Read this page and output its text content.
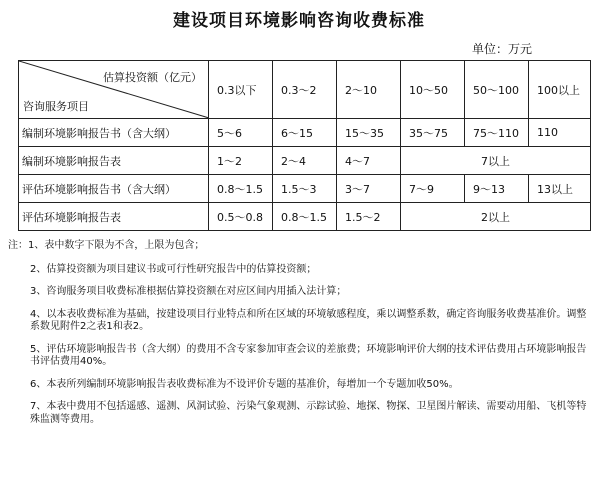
建设项目环境影响咨询收费标准
单位：万元
估算投资额（亿元）
咨询服务项目	0.3以下	0.3～2	2～10	10～50	50～100	100以上
编制环境影响报告书（含大纲）	5～6	6～15	15～35	35～75	75～110	110
编制环境影响报告表	1～2	2～4	4～7	7以上		
评估环境影响报告书（含大纲）	0.8～1.5	1.5～3	3～7	7～9	9～13	13以上
评估环境影响报告表	0.5～0.8	0.8～1.5	1.5～2	2以上		

注：1、表中数字下限为不含，上限为包含；

2、估算投资额为项目建议书或可行性研究报告中的估算投资额；

3、咨询服务项目收费标准根据估算投资额在对应区间内用插入法计算；

4、以本表收费标准为基础，按建设项目行业特点和所在区域的环境敏感程度，乘以调整系数，确定咨询服务收费基准价。调整系数见附件2之表1和表2。

5、评估环境影响报告书（含大纲）的费用不含专家参加审查会议的差旅费；环境影响评价大纲的技术评估费用占环境影响报告书评估费用40%。

6、本表所列编制环境影响报告表收费标准为不设评价专题的基准价，每增加一个专题加收50%。

7、本表中费用不包括遥感、遥测、风洞试验、污染气象观测、示踪试验、地探、物探、卫星图片解读、需要动用船、飞机等特殊监测等费用。
